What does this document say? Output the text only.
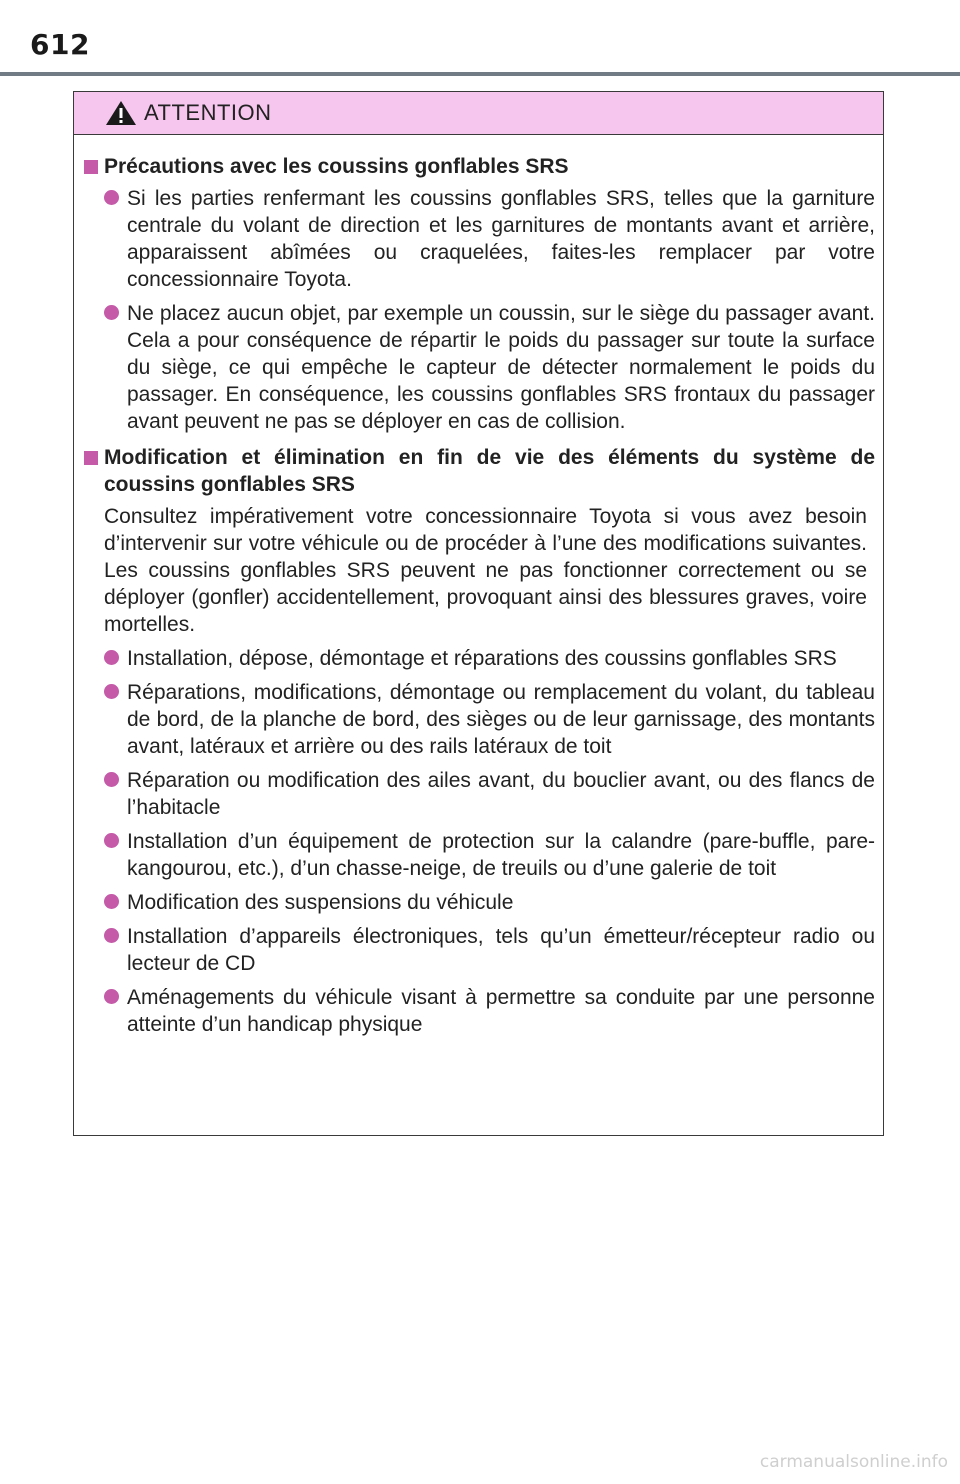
612
ATTENTION
Précautions avec les coussins gonflables SRS
Si les parties renfermant les coussins gonflables SRS, telles que la garniture centrale du volant de direction et les garnitures de montants avant et arrière, apparaissent abîmées ou craquelées, faites-les remplacer par votre concessionnaire Toyota.
Ne placez aucun objet, par exemple un coussin, sur le siège du passager avant. Cela a pour conséquence de répartir le poids du passager sur toute la surface du siège, ce qui empêche le capteur de détecter normalement le poids du passager. En conséquence, les coussins gonflables SRS frontaux du passager avant peuvent ne pas se déployer en cas de collision.
Modification et élimination en fin de vie des éléments du système de coussins gonflables SRS
Consultez impérativement votre concessionnaire Toyota si vous avez besoin d’intervenir sur votre véhicule ou de procéder à l’une des modifications suivantes. Les coussins gonflables SRS peuvent ne pas fonctionner correctement ou se déployer (gonfler) accidentellement, provoquant ainsi des blessures graves, voire mortelles.
Installation, dépose, démontage et réparations des coussins gonflables SRS
Réparations, modifications, démontage ou remplacement du volant, du tableau de bord, de la planche de bord, des sièges ou de leur garnissage, des montants avant, latéraux et arrière ou des rails latéraux de toit
Réparation ou modification des ailes avant, du bouclier avant, ou des flancs de l’habitacle
Installation d’un équipement de protection sur la calandre (pare-buffle, pare-kangourou, etc.), d’un chasse-neige, de treuils ou d’une galerie de toit
Modification des suspensions du véhicule
Installation d’appareils électroniques, tels qu’un émetteur/récepteur radio ou lecteur de CD
Aménagements du véhicule visant à permettre sa conduite par une personne atteinte d’un handicap physique
carmanualsonline.info
